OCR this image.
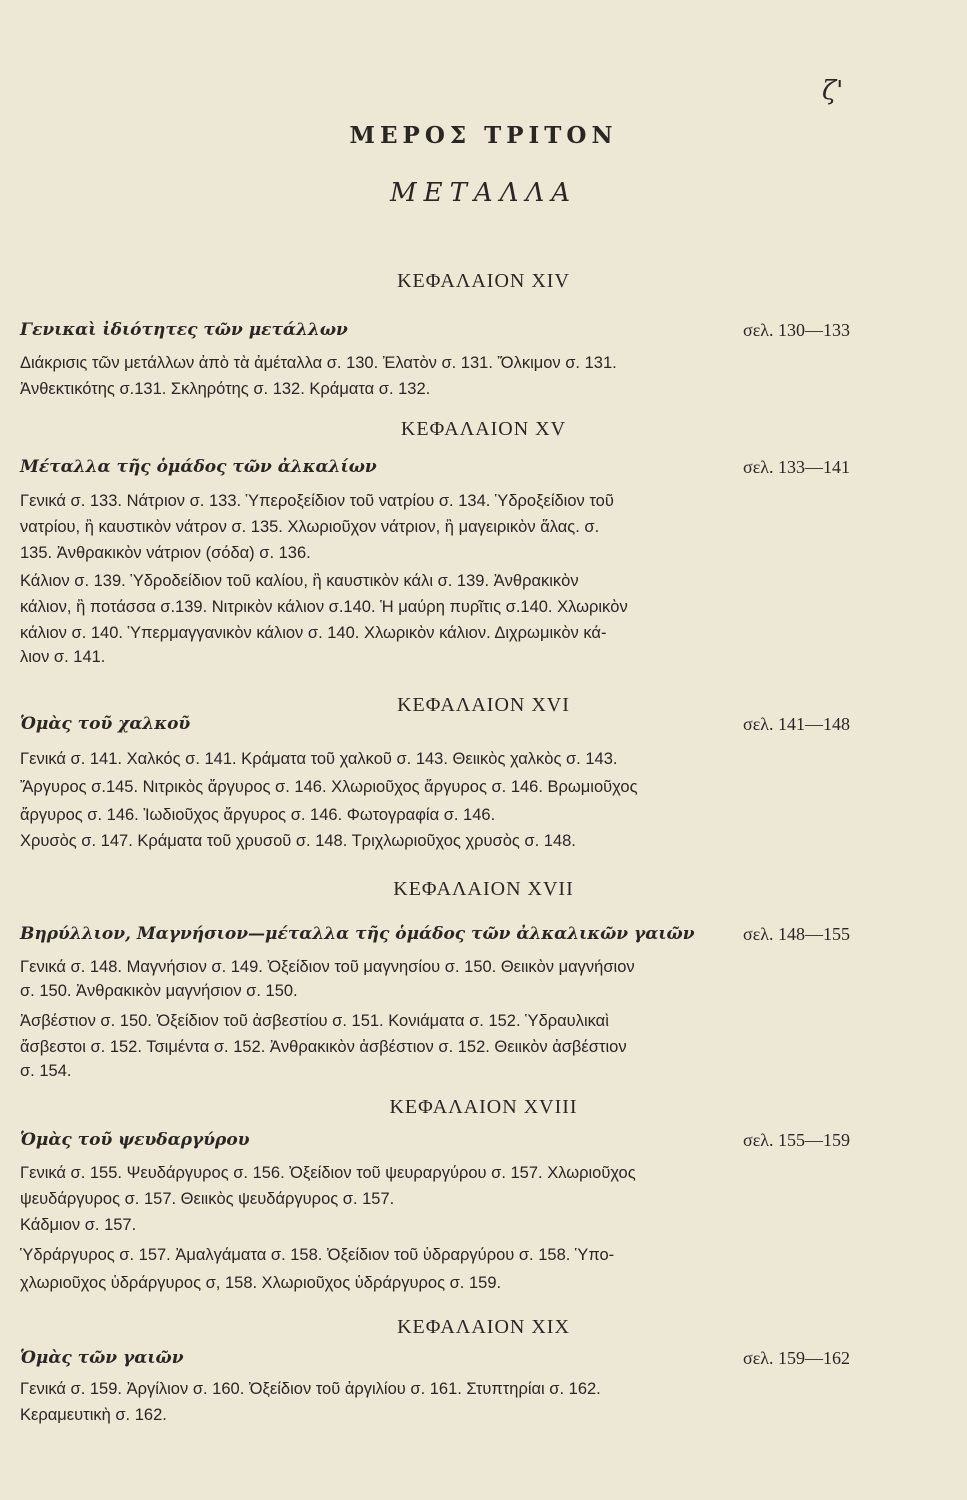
ζ'
ΜΕΡΟΣ ΤΡΙΤΟΝ
ΜΕΤΑΛΛΑ
ΚΕΦΑΛΑΙΟΝ XIV
Γενικαὶ ἰδιότητες τῶν μετάλλων	σελ. 130—133
Διάκρισις τῶν μετάλλων ἀπὸ τὰ ἀμέταλλα σ. 130. Ἐλατὸν σ. 131. Ὄλκιμον σ. 131.
Ἀνθεκτικότης σ.131. Σκληρότης σ. 132. Κράματα σ. 132.
ΚΕΦΑΛΑΙΟΝ XV
Μέταλλα τῆς ὁμάδος τῶν ἀλκαλίων	σελ. 133—141
Γενικά σ. 133. Νάτριον σ. 133. Ὑπεροξείδιον τοῦ νατρίου σ. 134. Ὑδροξείδιον τοῦ
νατρίου, ἢ καυστικὸν νάτρον σ. 135. Χλωριοῦχον νάτριον, ἢ μαγειρικὸν ἅλας. σ.
135. Ἀνθρακικὸν νάτριον (σόδα) σ. 136.
Κάλιον σ. 139. Ὑδροδείδιον τοῦ καλίου, ἢ καυστικὸν κάλι σ. 139. Ἀνθρακικὸν
κάλιον, ἢ ποτάσσα σ.139. Νιτρικὸν κάλιον σ.140. Ἡ μαύρη πυρῖτις σ.140. Χλωρικὸν
κάλιον σ. 140. Ὑπερμαγγανικὸν κάλιον σ. 140. Χλωρικὸν κάλιον. Διχρωμικὸν κά-
λιον σ. 141.
ΚΕΦΑΛΑΙΟΝ XVI
Ὁμὰς τοῦ χαλκοῦ	σελ. 141—148
Γενικά σ. 141. Χαλκός σ. 141. Κράματα τοῦ χαλκοῦ σ. 143. Θειικὸς χαλκὸς σ. 143.
Ἄργυρος σ.145. Νιτρικὸς ἄργυρος σ. 146. Χλωριοῦχος ἄργυρος σ. 146. Βρωμιοῦχος
ἄργυρος σ. 146. Ἰωδιοῦχος ἄργυρος σ. 146. Φωτογραφία σ. 146.
Χρυσὸς σ. 147. Κράματα τοῦ χρυσοῦ σ. 148. Τριχλωριοῦχος χρυσὸς σ. 148.
ΚΕΦΑΛΑΙΟΝ XVII
Βηρύλλιον, Μαγνήσιον—μέταλλα τῆς ὁμάδος τῶν ἀλκαλικῶν γαιῶν	σελ. 148—155
Γενικά σ. 148. Μαγνήσιον σ. 149. Ὀξείδιον τοῦ μαγνησίου σ. 150. Θειικὸν μαγνήσιον
σ. 150. Ἀνθρακικὸν μαγνήσιον σ. 150.
Ἀσβέστιον σ. 150. Ὀξείδιον τοῦ ἀσβεστίου σ. 151. Κονιάματα σ. 152. Ὑδραυλικαὶ
ἄσβεστοι σ. 152. Τσιμέντα σ. 152. Ἀνθρακικὸν ἀσβέστιον σ. 152. Θειικὸν ἀσβέστιον
σ. 154.
ΚΕΦΑΛΑΙΟΝ XVIII
Ὁμὰς τοῦ ψευδαργύρου	σελ. 155—159
Γενικά σ. 155. Ψευδάργυρος σ. 156. Ὀξείδιον τοῦ ψευραργύρου σ. 157. Χλωριοῦχος
ψευδάργυρος σ. 157. Θειικὸς ψευδάργυρος σ. 157.
Κάδμιον σ. 157.
Ὑδράργυρος σ. 157. Ἀμαλγάματα σ. 158. Ὀξείδιον τοῦ ὑδραργύρου σ. 158. Ὑπο-
χλωριοῦχος ὑδράργυρος σ, 158. Χλωριοῦχος ὑδράργυρος σ. 159.
ΚΕΦΑΛΑΙΟΝ XIX
Ὁμὰς τῶν γαιῶν	σελ. 159—162
Γενικά σ. 159. Ἀργίλιον σ. 160. Ὀξείδιον τοῦ ἀργιλίου σ. 161. Στυπτηρίαι σ. 162.
Κεραμευτικὴ σ. 162.
